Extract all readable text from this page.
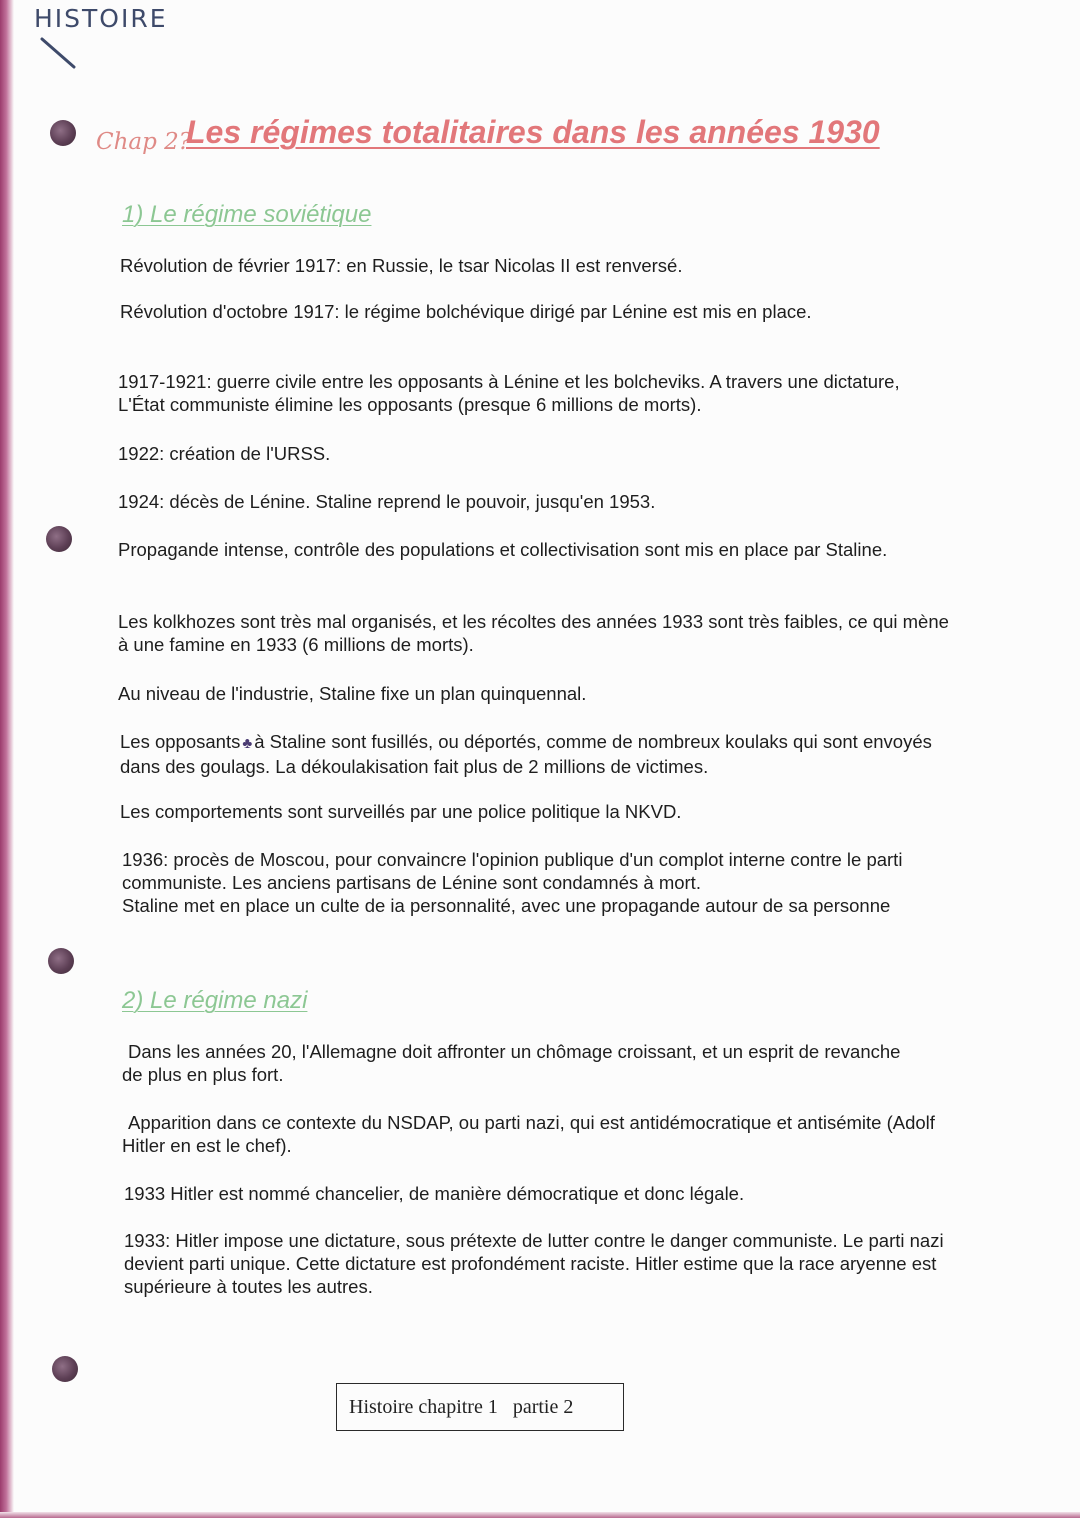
HISTOIRE
Chap 2?
Les régimes totalitaires dans les années 1930
1) Le régime soviétique

Révolution de février 1917: en Russie, le tsar Nicolas II est renversé.

Révolution d'octobre 1917: le régime bolchévique dirigé par Lénine est mis en place.

1917-1921: guerre civile entre les opposants à Lénine et les bolcheviks. A travers une dictature, L'État communiste élimine les opposants (presque 6 millions de morts).

1922: création de l'URSS.

1924: décès de Lénine. Staline reprend le pouvoir, jusqu'en 1953.

Propagande intense, contrôle des populations et collectivisation sont mis en place par Staline.

Les kolkhozes sont très mal organisés, et les récoltes des années 1933 sont très faibles, ce qui mène à une famine en 1933 (6 millions de morts).

Au niveau de l'industrie, Staline fixe un plan quinquennal.

Les opposants ♣ à Staline sont fusillés, ou déportés, comme de nombreux koulaks qui sont envoyés dans des goulags. La dékoulakisation fait plus de 2 millions de victimes.

Les comportements sont surveillés par une police politique la NKVD.

1936: procès de Moscou, pour convaincre l'opinion publique d'un complot interne contre le parti communiste. Les anciens partisans de Lénine sont condamnés à mort.

Staline met en place un culte de ia personnalité, avec une propagande autour de sa personne

2) Le régime nazi

Dans les années 20, l'Allemagne doit affronter un chômage croissant, et un esprit de revanche de plus en plus fort.

Apparition dans ce contexte du NSDAP, ou parti nazi, qui est antidémocratique et antisémite (Adolf Hitler en est le chef).

1933 Hitler est nommé chancelier, de manière démocratique et donc légale.

1933: Hitler impose une dictature, sous prétexte de lutter contre le danger communiste. Le parti nazi devient parti unique. Cette dictature est profondément raciste. Hitler estime que la race aryenne est supérieure à toutes les autres.

Histoire chapitre 1   partie 2
